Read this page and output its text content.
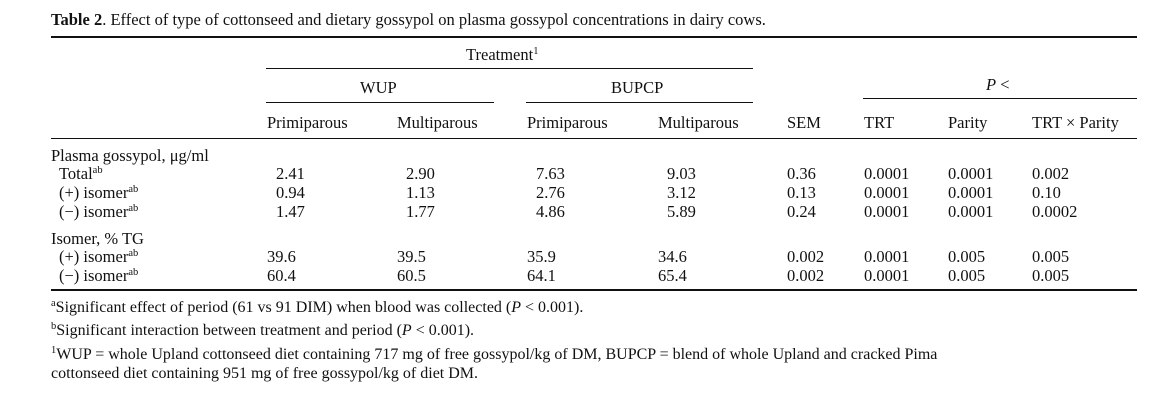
Table 2. Effect of type of cottonseed and dietary gossypol on plasma gossypol concentrations in dairy cows.
Treatment$^1$
WUP	BUPCP	P <
Primiparous	Multiparous	Primiparous	Multiparous	SEM	TRT	Parity	TRT × Parity
Plasma gossypol, μg/ml
Total$^{ab}$	2.41	2.90	7.63	9.03	0.36	0.0001 0.0001 0.002
(+) isomer$^{ab}$	0.94	1.13	2.76	3.12	0.13	0.0001 0.0001 0.10
(−) isomer$^{ab}$	1.47	1.77	4.86	5.89	0.24	0.0001 0.0001 0.0002
Isomer, % TG
(+) isomer$^{ab}$	39.6	39.5	35.9	34.6	0.002 0.0001 0.005	0.005
(−) isomer$^{ab}$	60.4	60.5	64.1	65.4	0.002 0.0001 0.005	0.005
$^a$Significant effect of period (61 vs 91 DIM) when blood was collected (P < 0.001).
$^b$Significant interaction between treatment and period (P < 0.001).
$^1$WUP = whole Upland cottonseed diet containing 717 mg of free gossypol/kg of DM, BUPCP = blend of whole Upland and cracked Pima
cottonseed diet containing 951 mg of free gossypol/kg of diet DM.
